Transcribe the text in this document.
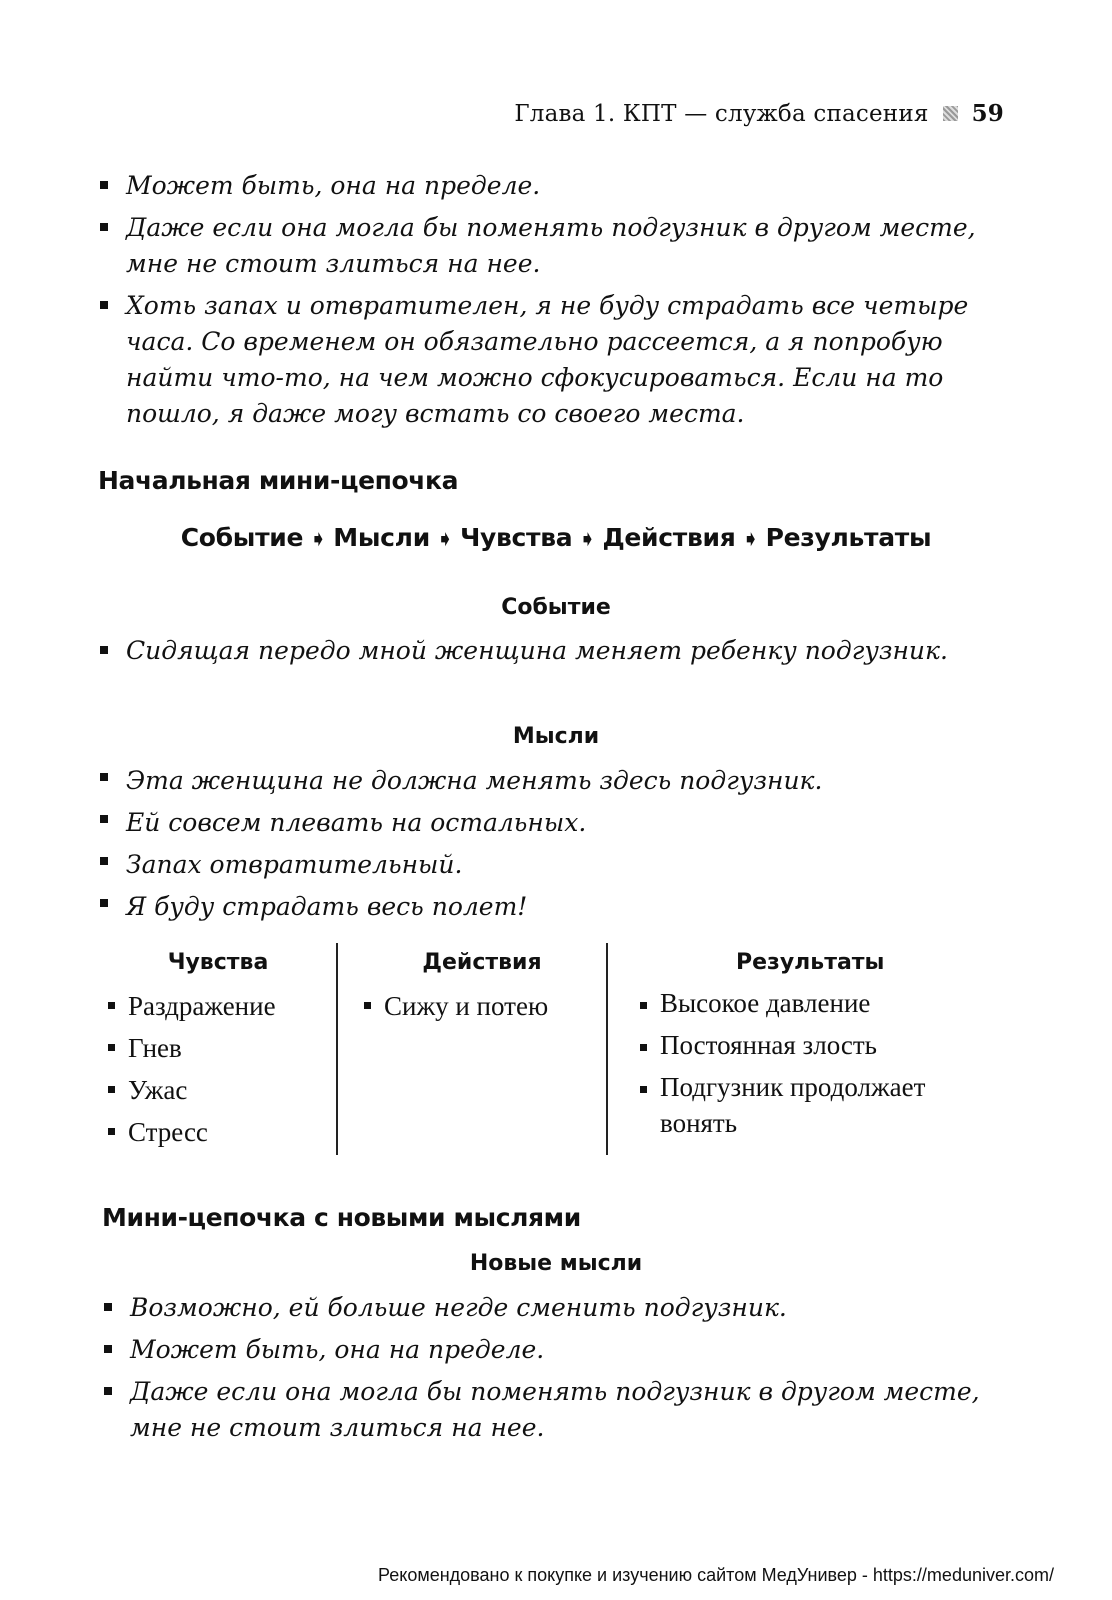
Глава 1. КПТ — служба спасения 59
Может быть, она на пределе.
Даже если она могла бы поменять подгузник в другом месте, мне не стоит злиться на нее.
Хоть запах и отвратителен, я не буду страдать все четыре часа. Со временем он обязательно рассеется, а я попробую найти что-то, на чем можно сфокусироваться. Если на то пошло, я даже могу встать со своего места.
Начальная мини-цепочка
Событие ➧ Мысли ➧ Чувства ➧ Действия ➧ Результаты
Событие
Сидящая передо мной женщина меняет ребенку подгузник.
Мысли
Эта женщина не должна менять здесь подгузник.
Ей совсем плевать на остальных.
Запах отвратительный.
Я буду страдать весь полет!
Чувства
Раздражение
Гнев
Ужас
Стресс
Действия
Сижу и потею
Результаты
Высокое давление
Постоянная злость
Подгузник продолжает вонять
Мини-цепочка с новыми мыслями
Новые мысли
Возможно, ей больше негде сменить подгузник.
Может быть, она на пределе.
Даже если она могла бы поменять подгузник в другом месте, мне не стоит злиться на нее.
Рекомендовано к покупке и изучению сайтом МедУнивер - https://meduniver.com/
